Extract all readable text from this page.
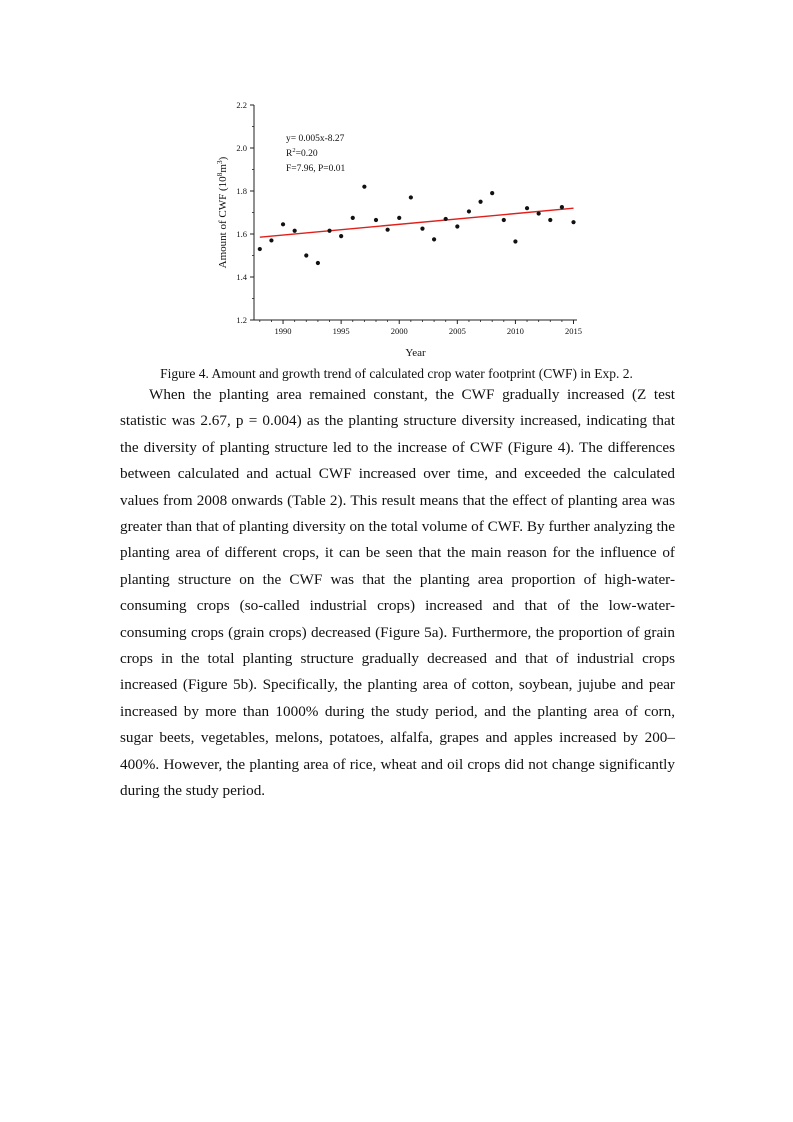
1990	1995	2000	2005	2010	2015
1.2
1.4
1.6
1.8
2.0
2.2
y= 0.005x-8.27
$R^2=0.20$
F=7.96, P=0.01
Year
Amount of CWF $(10^8m^3)$

Figure 4. Amount and growth trend of calculated crop water footprint (CWF) in Exp. 2.

When the planting area remained constant, the CWF gradually increased (Z test statistic was 2.67, p = 0.004) as the planting structure diversity increased, indicating that the diversity of planting structure led to the increase of CWF (Figure 4). The differences between calculated and actual CWF increased over time, and exceeded the calculated values from 2008 onwards (Table 2). This result means that the effect of planting area was greater than that of planting diversity on the total volume of CWF. By further analyzing the planting area of different crops, it can be seen that the main reason for the influence of planting structure on the CWF was that the planting area proportion of high-water-consuming crops (so-called industrial crops) increased and that of the low-water-consuming crops (grain crops) decreased (Figure 5a). Furthermore, the proportion of grain crops in the total planting structure gradually decreased and that of industrial crops increased (Figure 5b). Specifically, the planting area of cotton, soybean, jujube and pear increased by more than 1000% during the study period, and the planting area of corn, sugar beets, vegetables, melons, potatoes, alfalfa, grapes and apples increased by 200–400%. However, the planting area of rice, wheat and oil crops did not change significantly during the study period.
